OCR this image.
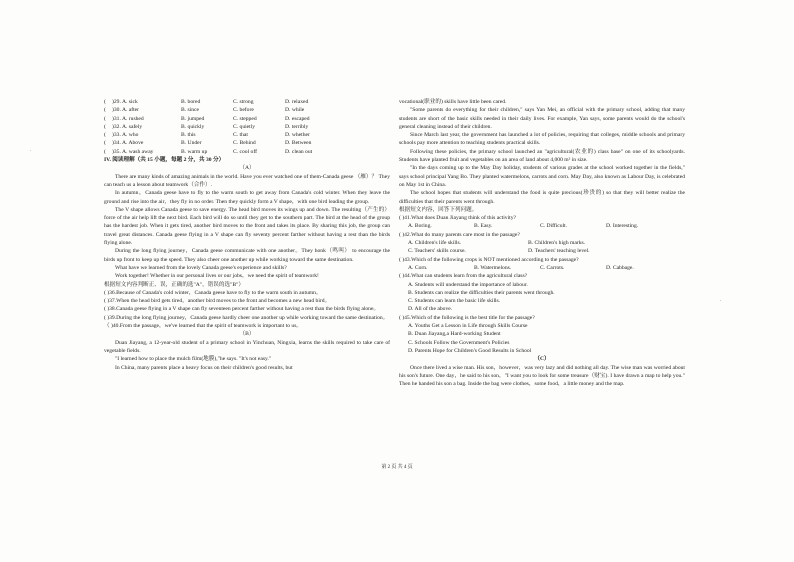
(	)29. A. sick	B. bored	C. strong	D. relaxed
(	)30. A. after	B. since	C. before	D. while
(	)31. A. rushed	B. jumped	C. stepped	D. escaped
(	)32. A. safely	B. quickly	C. quietly	D. terribly
(	)33. A. who	B. this	C. that	D. whether
(	)34. A. Above	B. Under	C. Behind	D. Between
(	)35. A. wash away	B. warm up	C. cool off	D. clean out

IV. 阅读理解（共 15 小题，每题 2 分，共 30 分）

（A）

There are many kinds of amazing animals in the world. Have you ever watched one of them-Canada geese （雁）？ They can teach us a lesson about teamwork（合作）.

In autumn，Canada geese have to fly to the warm south to get away from Canada's cold winter. When they leave the ground and rise into the air，they fly in no order. Then they quickly form a V shape，with one bird leading the group.

The V shape allows Canada geese to save energy. The head bird moves its wings up and down. The resulting（产生的） force of the air help lift the next bird. Each bird will do so until they get to the southern part. The bird at the head of the group has the hardest job. When it gets tired, another bird moves to the front and takes its place. By sharing this job, the group can travel great distances. Canada geese flying in a V shape can fly seventy percent farther without having a rest than the birds flying alone.

During the long flying journey，Canada geese communicate with one another。They honk（鸣叫） to encourage the birds up front to keep up the speed. They also cheer one another up while working toward the same destination.

What have we learned from the lovely Canada geese's experience and skills?

Work together! Whether in our personal lives or our jobs，we need the spirit of teamwork!

根据短文内容判断正、误，正确的选"A"，错误的选"B"）

( )36.Because of Canada's cold winter，Canada geese have to fly to the warm south in autumn。

( )37.When the head bird gets tired，another bird moves to the front and becomes a new head bird。

( )38.Canada geese flying in a V shape can fly seventeen percent farther without having a rest than the birds flying alone。

( )39.During the long flying journey，Canada geese hardly cheer one another up while working toward the same destination。

（ )40.From the passage，we've learned that the spirit of teamwork is important to us。

（B）

Duan Jiayang, a 12-year-old student of a primary school in Yinchuan, Ningxia, learns the skills required to take care of vegetable fields.

"I learned how to place the mulch film(地膜),"he says. "It's not easy."

In China, many parents place a heavy focus on their children's good results, but

vocational(职业的) skills have little been cared.

"Some parents do everything for their children," says Yan Mei, an official with the primary school, adding that many students are short of the basic skills needed in their daily lives. For example, Yan says, some parents would do the school's general cleaning instead of their children.

Since March last year, the government has launched a lot of policies, requiring that colleges, middle schools and primary schools pay more attention to teaching students practical skills.

Following these policies, the primary school launched an "agricultural(农业的) class base" on one of its schoolyards. Students have planted fruit and vegetables on an area of land about 4,000 m² in size.

"In the days coming up to the May Day holiday, students of various grades at the school worked together in the fields," says school principal Yang Bo. They planted watermelons, carrots and corn. May Day, also known as Labour Day, is celebrated on May 1st in China.

The school hopes that students will understand the food is quite precious(珍贵的) so that they will better realize the difficulties that their parents went through.

根据短文内容，回答下列问题。

( )41.What does Duan Jiayang think of this activity?

A. Boring.	B. Easy.	C. Difficult.	D. Interesting.

( )42.What do many parents care most in the passage?

A. Children's life skills.	B. Children's high marks.
C. Teachers' skills course.	D. Teachers' teaching level.

( )43.Which of the following crops is NOT mentioned according to the passage?

A. Corn.	B. Watermelons.	C. Carrots.	D. Cabbage.

( )44.What can students learn from the agricultural class?

A. Students will understand the importance of labour.

B. Students can realize the difficulties their parents went through.

C. Students can learn the basic life skills.

D. All of the above.

( )45.Which of the following is the best title for the passage?

A. Youths Get a Lesson in Life through Skills Course

B. Duan Jiayang,a Hard-working Student

C. Schools Follow the Government's Policies

D. Parents Hope for Children's Good Results in School

（C）

Once there lived a wise man. His son，however，was very lazy and did nothing all day. The wise man was worried about his son's future. One day，he said to his son，"I want you to look for some treasure（财宝). I have drawn a map to help you." Then he handed his son a bag. Inside the bag were clothes，some food，a little money and the map.

第 2 页 共 4 页
